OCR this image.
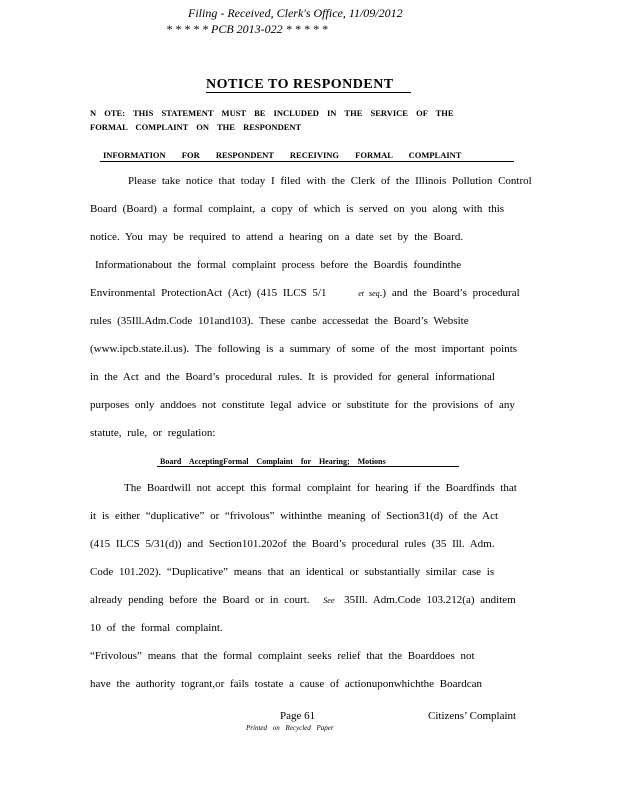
Filing - Received, Clerk's Office, 11/09/2012
* * * * * PCB 2013-022 * * * * *
NOTICE TO RESPONDENT
N OTE: THIS STATEMENT MUST BE INCLUDED IN THE SERVICE OF THE
FORMAL COMPLAINT ON THE RESPONDENT
INFORMATION FOR RESPONDENT RECEIVING FORMAL COMPLAINT
Please take notice that today I filed with the Clerk of the Illinois Pollution Control
Board (Board) a formal complaint, a copy of which is served on you along with this
notice. You may be required to attend a hearing on a date set by the Board.
Informationabout the formal complaint process before the Boardis foundinthe
Environmental ProtectionAct (Act) (415 ILCS 5/1	et seq.) and the Board’s procedural
rules (35Ill.Adm.Code 101and103). These canbe accessedat the Board’s Website
(www.ipcb.state.il.us). The following is a summary of some of the most important points
in the Act and the Board’s procedural rules. It is provided for general informational
purposes only anddoes not constitute legal advice or substitute for the provisions of any
statute, rule, or regulation:
Board AcceptingFormal Complaint for Hearing; Motions
The Boardwill not accept this formal complaint for hearing if the Boardfinds that
it is either “duplicative” or “frivolous” withinthe meaning of Section31(d) of the Act
(415 ILCS 5/31(d)) and Section101.202of the Board’s procedural rules (35 Ill. Adm.
Code 101.202). “Duplicative” means that an identical or substantially similar case is
already pending before the Board or in court. See 35Ill. Adm.Code 103.212(a) anditem
10 of the formal complaint.
“Frivolous” means that the formal complaint seeks relief that the Boarddoes not
have the authority togrant,or fails tostate a cause of actionuponwhichthe Boardcan
Page 61	Citizens’ Complaint
Printed on Recycled Paper
